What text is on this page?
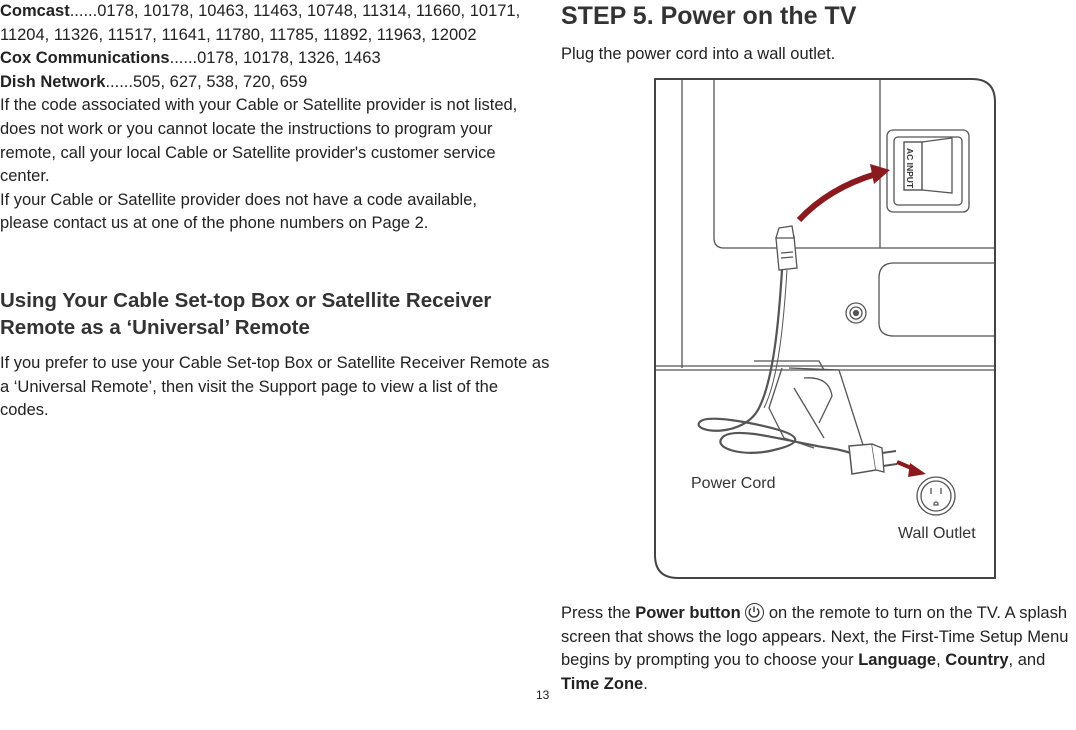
Comcast......0178, 10178, 10463, 11463, 10748, 11314, 11660, 10171, 11204, 11326, 11517, 11641, 11780, 11785, 11892, 11963, 12002

Cox Communications......0178, 10178, 1326, 1463

Dish Network......505, 627, 538, 720, 659

If the code associated with your Cable or Satellite provider is not listed, does not work or you cannot locate the instructions to program your remote, call your local Cable or Satellite provider's customer service center.

If your Cable or Satellite provider does not have a code available, please contact us at one of the phone numbers on Page 2.

Using Your Cable Set-top Box or Satellite Receiver Remote as a ‘Universal’ Remote

If you prefer to use your Cable Set-top Box or Satellite Receiver Remote as a ‘Universal Remote’, then visit the Support page to view a list of the codes.

STEP 5. Power on the TV

Plug the power cord into a wall outlet.

AC INPUT
Power Cord
Wall Outlet

Press the Power button
on the remote to turn on the TV. A splash screen that shows the logo appears. Next, the First-Time Setup Menu begins by prompting you to choose your Language, Country, and Time Zone.

13
